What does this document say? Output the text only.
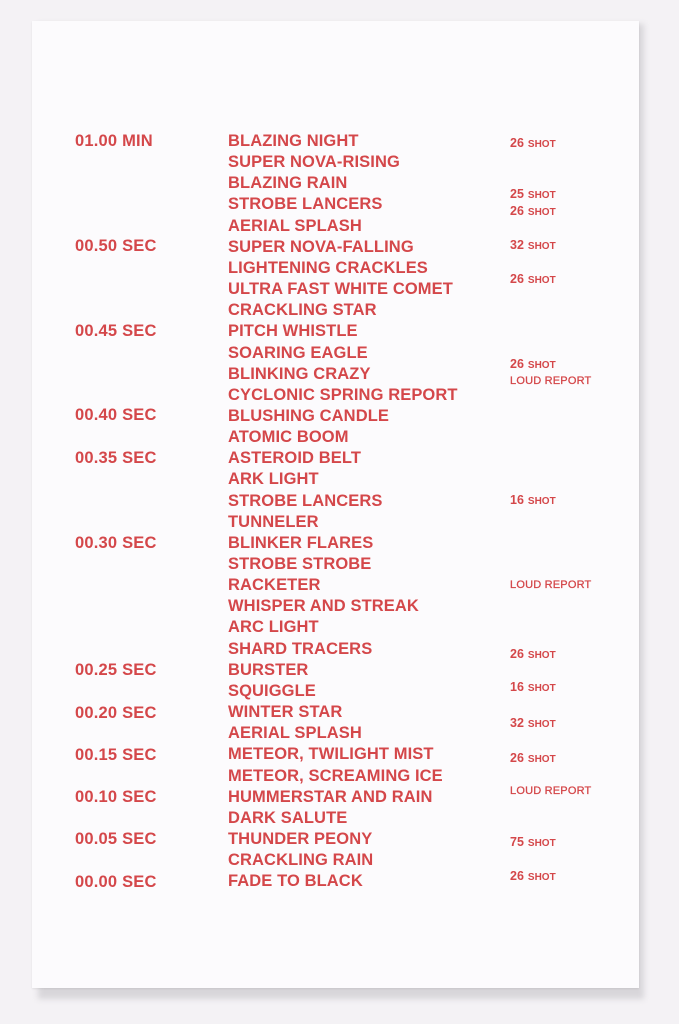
01.00 MIN
00.50 SEC
00.45 SEC
00.40 SEC
00.35 SEC
00.30 SEC
00.25 SEC
00.20 SEC
00.15 SEC
00.10 SEC
00.05 SEC
00.00 SEC
BLAZING NIGHT
SUPER NOVA-RISING
BLAZING RAIN
STROBE LANCERS
AERIAL SPLASH
SUPER NOVA-FALLING
LIGHTENING CRACKLES
ULTRA FAST WHITE COMET
CRACKLING STAR
PITCH WHISTLE
SOARING EAGLE
BLINKING CRAZY
CYCLONIC SPRING REPORT
BLUSHING CANDLE
ATOMIC BOOM
ASTEROID BELT
ARK LIGHT
STROBE LANCERS
TUNNELER
BLINKER FLARES
STROBE STROBE
RACKETER
WHISPER AND STREAK
ARC LIGHT
SHARD TRACERS
BURSTER
SQUIGGLE
WINTER STAR
AERIAL SPLASH
METEOR, TWILIGHT MIST
METEOR, SCREAMING ICE
HUMMERSTAR AND RAIN
DARK SALUTE
THUNDER PEONY
CRACKLING RAIN
FADE TO BLACK
26 SHOT
25 SHOT
26 SHOT
32 SHOT
26 SHOT
26 SHOT
LOUD REPORT
16 SHOT
LOUD REPORT
26 SHOT
16 SHOT
32 SHOT
26 SHOT
LOUD REPORT
75 SHOT
26 SHOT
